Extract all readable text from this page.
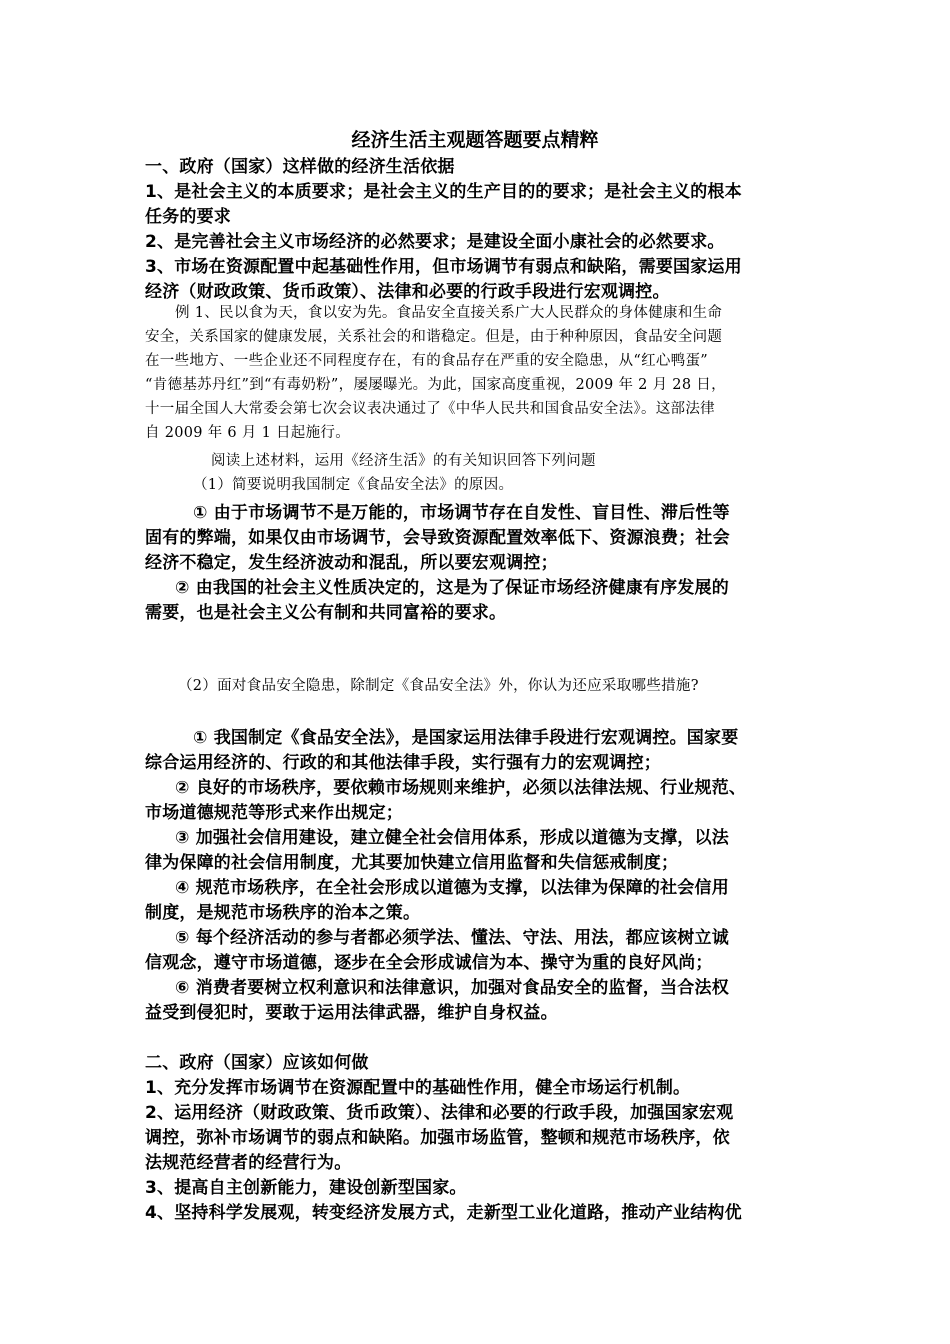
经济生活主观题答题要点精粹
一、政府（国家）这样做的经济生活依据
1、是社会主义的本质要求；是社会主义的生产目的的要求；是社会主义的根本
任务的要求
2、是完善社会主义市场经济的必然要求；是建设全面小康社会的必然要求。
3、市场在资源配置中起基础性作用，但市场调节有弱点和缺陷，需要国家运用
经济（财政政策、货币政策）、法律和必要的行政手段进行宏观调控。
例 1、民以食为天，食以安为先。食品安全直接关系广大人民群众的身体健康和生命
安全，关系国家的健康发展，关系社会的和谐稳定。但是，由于种种原因，食品安全问题
在一些地方、一些企业还不同程度存在，有的食品存在严重的安全隐患，从“红心鸭蛋”
“肯德基苏丹红”到“有毒奶粉”，屡屡曝光。为此，国家高度重视，2009 年 2 月 28 日，
十一届全国人大常委会第七次会议表决通过了《中华人民共和国食品安全法》。这部法律
自 2009 年 6 月 1 日起施行。
阅读上述材料，运用《经济生活》的有关知识回答下列问题
（1）简要说明我国制定《食品安全法》的原因。
① 由于市场调节不是万能的，市场调节存在自发性、盲目性、滞后性等
固有的弊端，如果仅由市场调节，会导致资源配置效率低下、资源浪费；社会
经济不稳定，发生经济波动和混乱，所以要宏观调控；
② 由我国的社会主义性质决定的，这是为了保证市场经济健康有序发展的
需要，也是社会主义公有制和共同富裕的要求。
（2）面对食品安全隐患，除制定《食品安全法》外，你认为还应采取哪些措施?
① 我国制定《食品安全法》，是国家运用法律手段进行宏观调控。国家要
综合运用经济的、行政的和其他法律手段，实行强有力的宏观调控；
② 良好的市场秩序，要依赖市场规则来维护，必须以法律法规、行业规范、
市场道德规范等形式来作出规定；
③ 加强社会信用建设，建立健全社会信用体系，形成以道德为支撑，以法
律为保障的社会信用制度，尤其要加快建立信用监督和失信惩戒制度；
④ 规范市场秩序，在全社会形成以道德为支撑，以法律为保障的社会信用
制度，是规范市场秩序的治本之策。
⑤ 每个经济活动的参与者都必须学法、懂法、守法、用法，都应该树立诚
信观念，遵守市场道德，逐步在全会形成诚信为本、操守为重的良好风尚；
⑥ 消费者要树立权利意识和法律意识，加强对食品安全的监督，当合法权
益受到侵犯时，要敢于运用法律武器，维护自身权益。
二、政府（国家）应该如何做
1、充分发挥市场调节在资源配置中的基础性作用，健全市场运行机制。
2、运用经济（财政政策、货币政策）、法律和必要的行政手段，加强国家宏观
调控，弥补市场调节的弱点和缺陷。加强市场监管，整顿和规范市场秩序，依
法规范经营者的经营行为。
3、提高自主创新能力，建设创新型国家。
4、坚持科学发展观，转变经济发展方式，走新型工业化道路，推动产业结构优
